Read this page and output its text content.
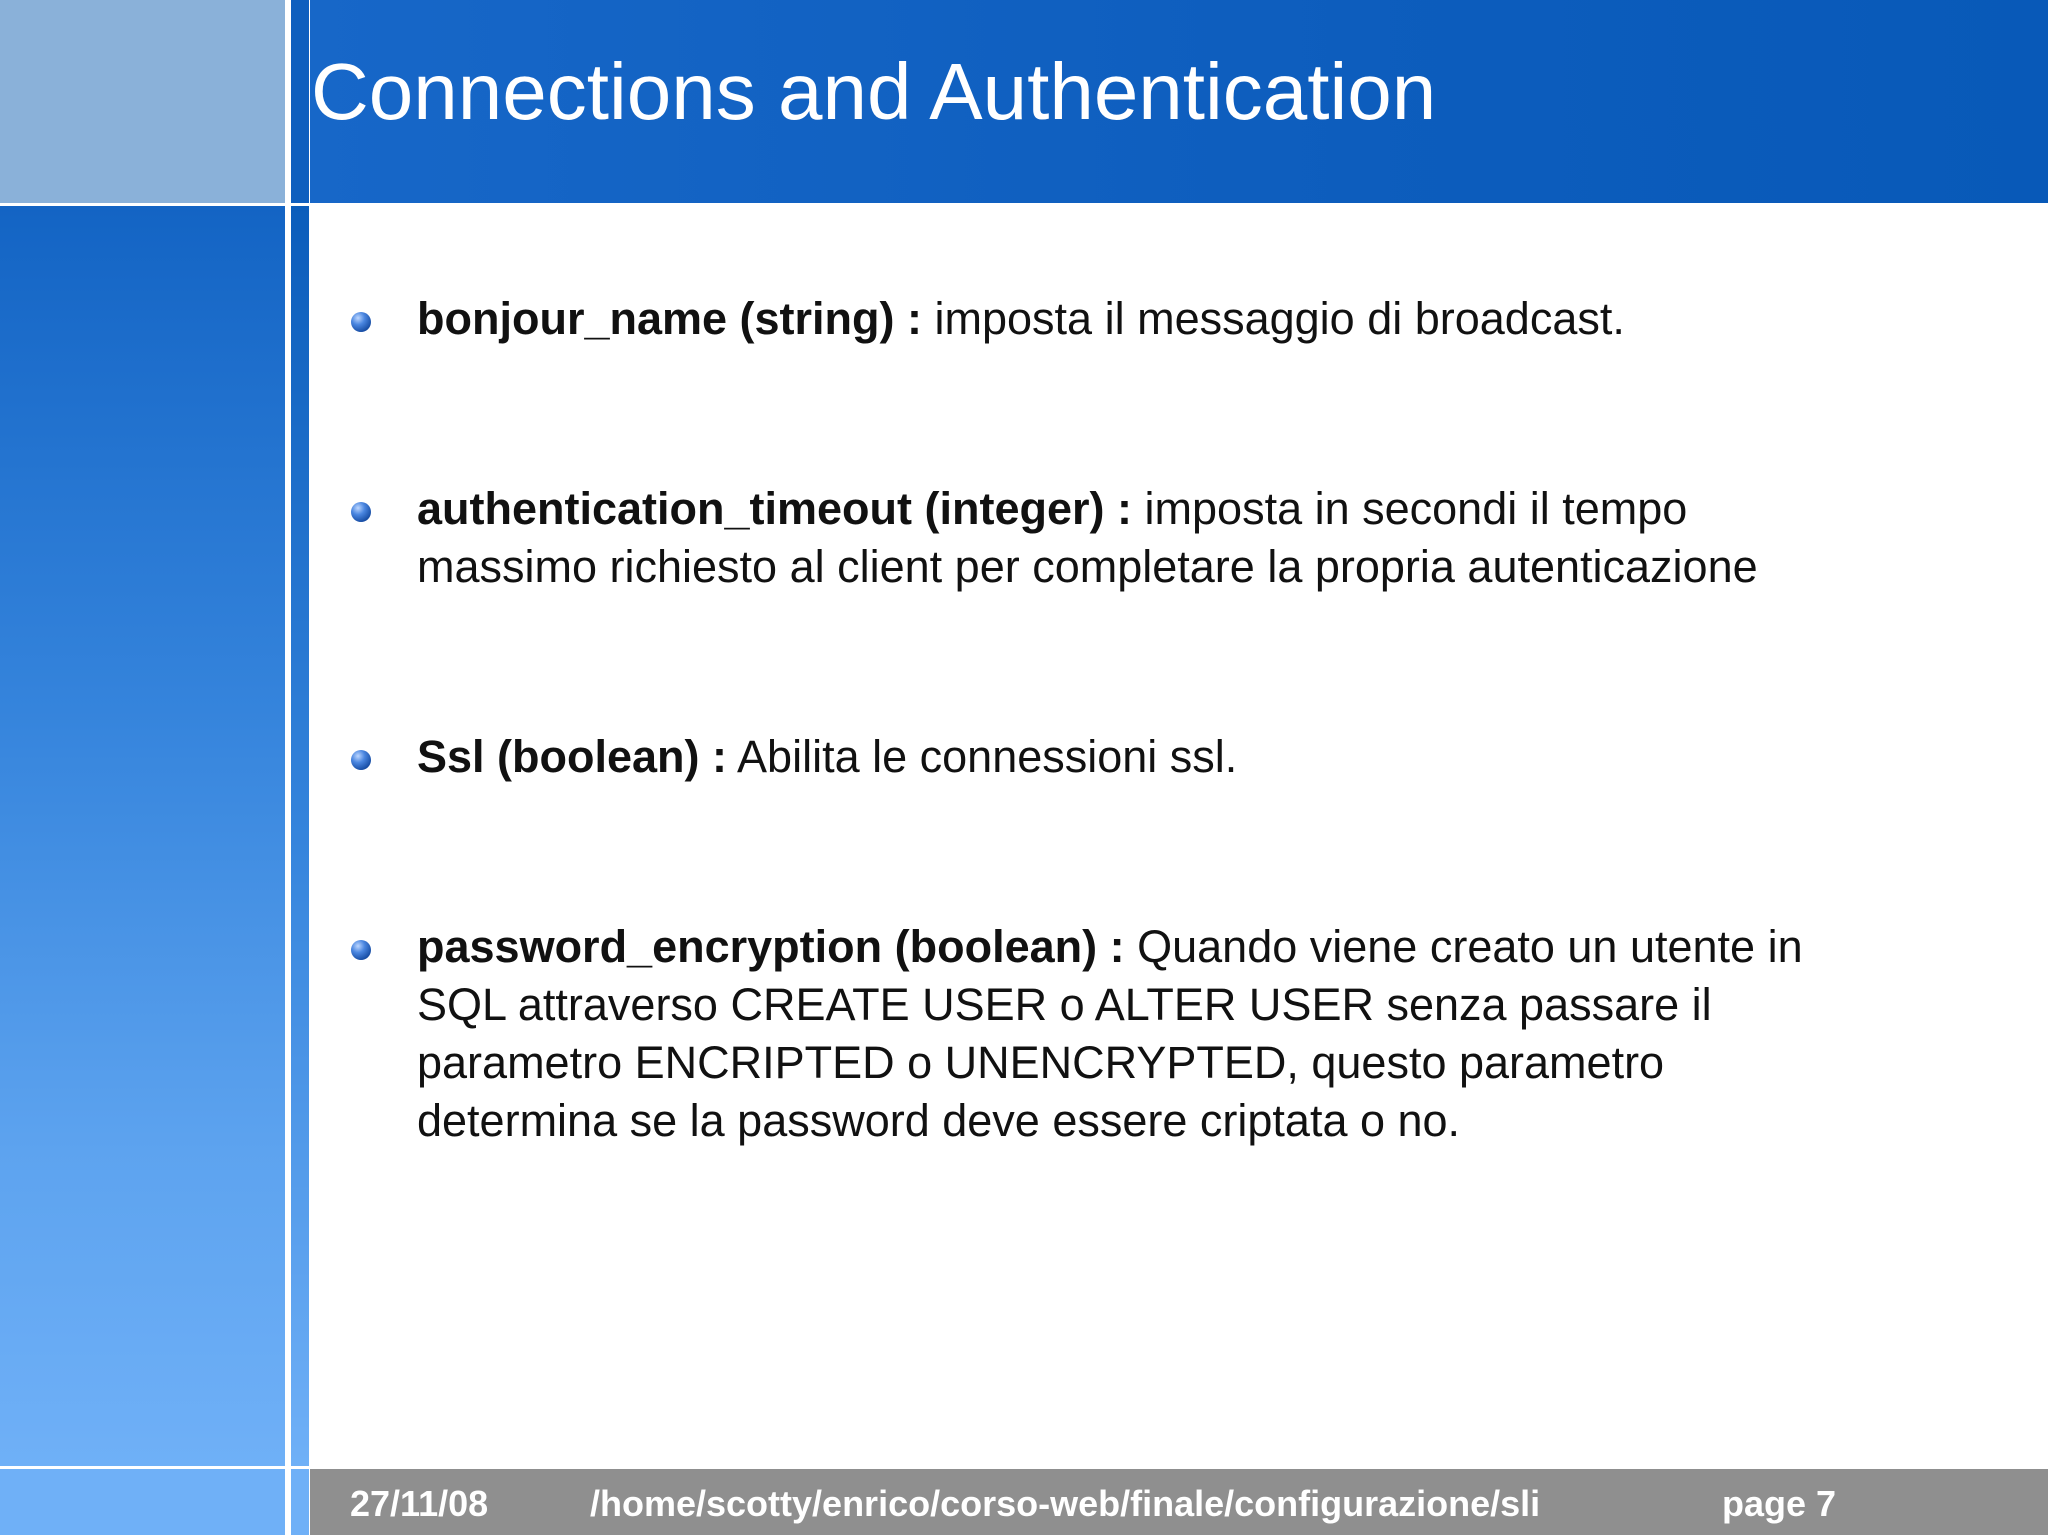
Connections and Authentication
bonjour_name (string) : imposta il messaggio di broadcast.
authentication_timeout (integer) : imposta in secondi il tempo massimo richiesto al client per completare la propria autenticazione
Ssl (boolean) : Abilita le connessioni ssl.
password_encryption (boolean) : Quando viene creato un utente in SQL attraverso CREATE USER o ALTER USER senza passare il parametro ENCRIPTED o UNENCRYPTED, questo parametro determina se la password deve essere criptata o no.
27/11/08	/home/scotty/enrico/corso-web/finale/configurazione/sli	page 7
